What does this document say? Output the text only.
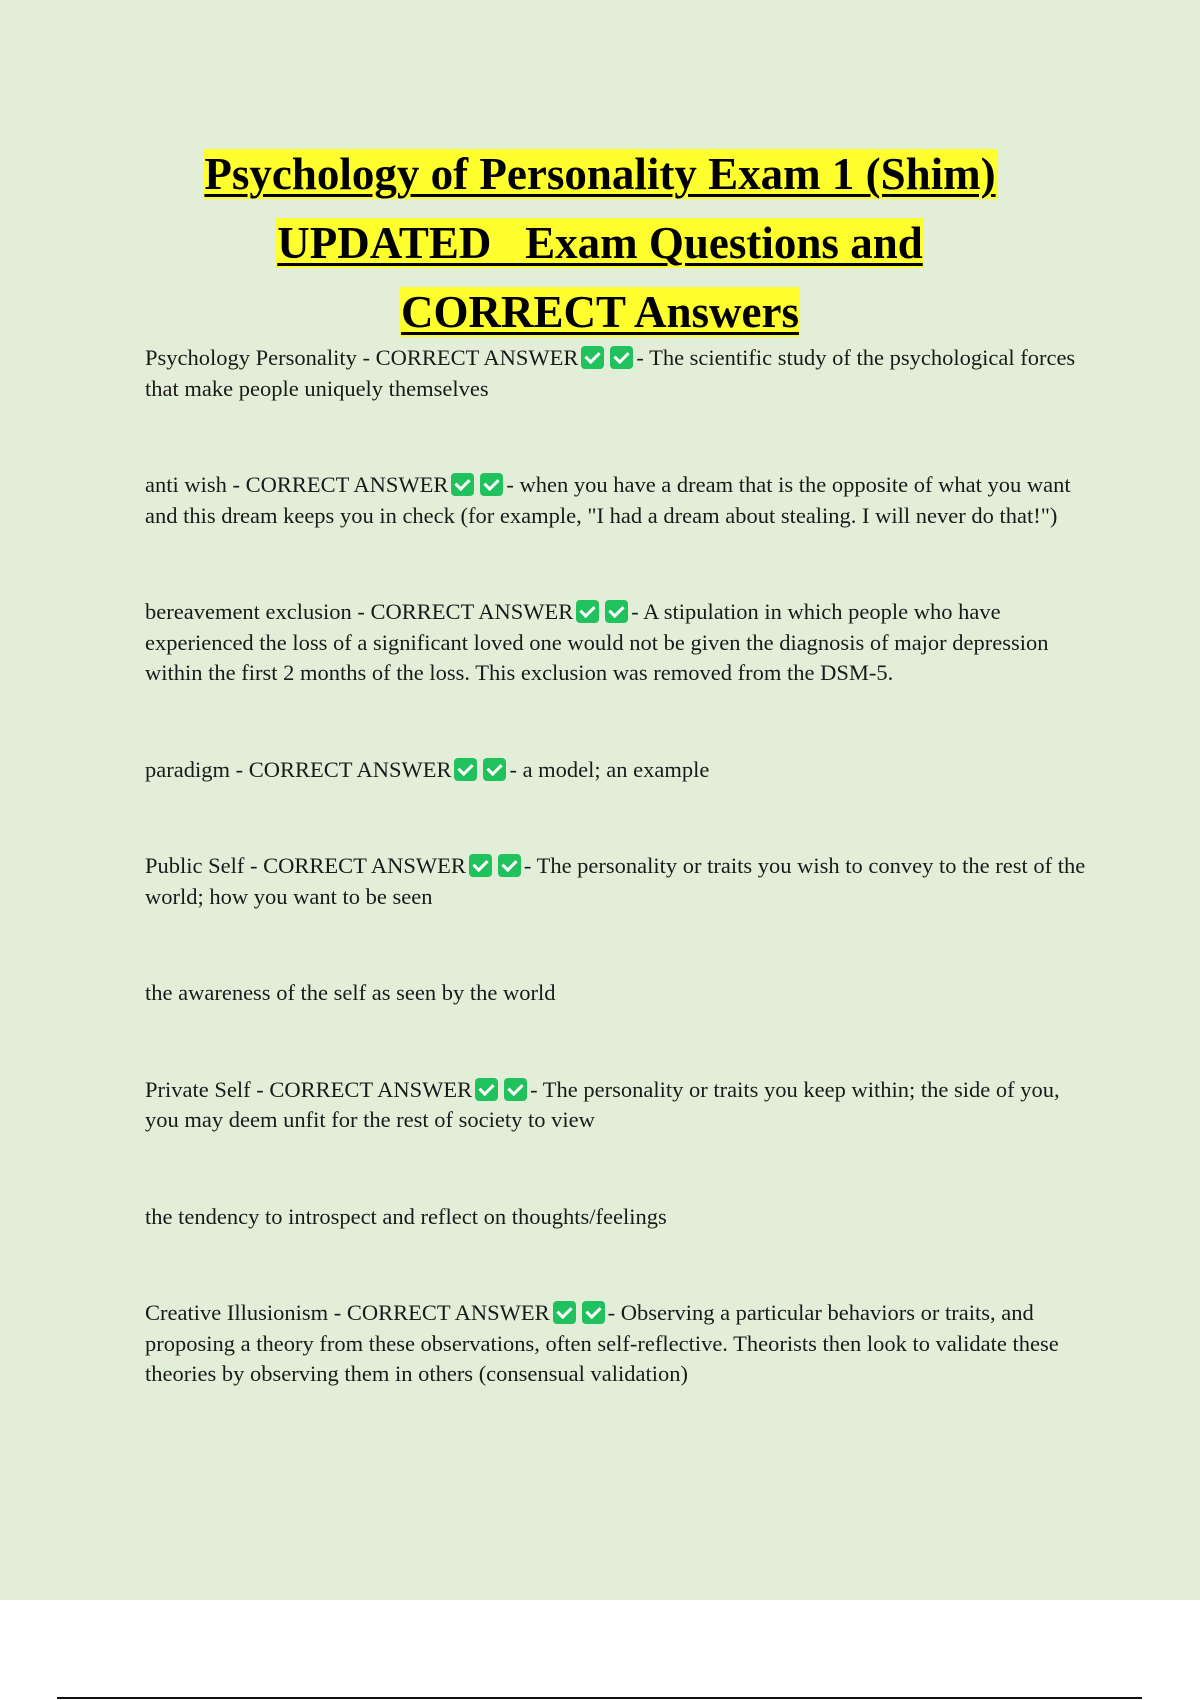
Psychology of Personality Exam 1 (Shim)
UPDATED   Exam Questions and
CORRECT Answers

Psychology Personality - CORRECT ANSWER	- The scientific study of the psychological forces that make people uniquely themselves

anti wish - CORRECT ANSWER	- when you have a dream that is the opposite of what you want and this dream keeps you in check (for example, "I had a dream about stealing. I will never do that!")

bereavement exclusion - CORRECT ANSWER	- A stipulation in which people who have experienced the loss of a significant loved one would not be given the diagnosis of major depression within the first 2 months of the loss. This exclusion was removed from the DSM-5.

paradigm - CORRECT ANSWER	- a model; an example

Public Self - CORRECT ANSWER	- The personality or traits you wish to convey to the rest of the world; how you want to be seen

the awareness of the self as seen by the world

Private Self - CORRECT ANSWER	- The personality or traits you keep within; the side of you, you may deem unfit for the rest of society to view

the tendency to introspect and reflect on thoughts/feelings

Creative Illusionism - CORRECT ANSWER	- Observing a particular behaviors or traits, and proposing a theory from these observations, often self-reflective. Theorists then look to validate these theories by observing them in others (consensual validation)
